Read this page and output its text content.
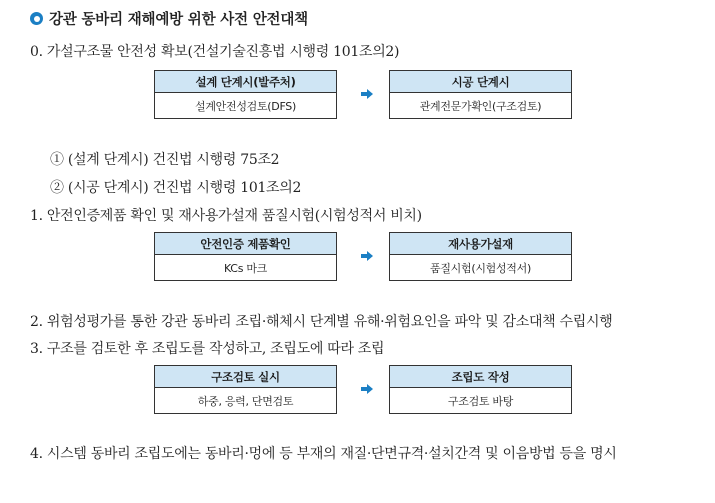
강관 동바리 재해예방 위한 사전 안전대책
0. 가설구조물 안전성 확보(건설기술진흥법 시행령 101조의2)
설계 단계시(발주처)
설계안전성검토(DFS)
시공 단계시
관계전문가확인(구조검토)
① (설계 단계시) 건진법 시행령 75조2
② (시공 단계시) 건진법 시행령 101조의2
1. 안전인증제품 확인 및 재사용가설재 품질시험(시험성적서 비치)
안전인증 제품확인
KCs 마크
재사용가설재
품질시험(시험성적서)
2. 위험성평가를 통한 강관 동바리 조립·해체시 단계별 유해·위험요인을 파악 및 감소대책 수립시행
3. 구조를 검토한 후 조립도를 작성하고, 조립도에 따라 조립
구조검토 실시
하중, 응력, 단면검토
조립도 작성
구조검토 바탕
4. 시스템 동바리 조립도에는 동바리·멍에 등 부재의 재질·단면규격·설치간격 및 이음방법 등을 명시
